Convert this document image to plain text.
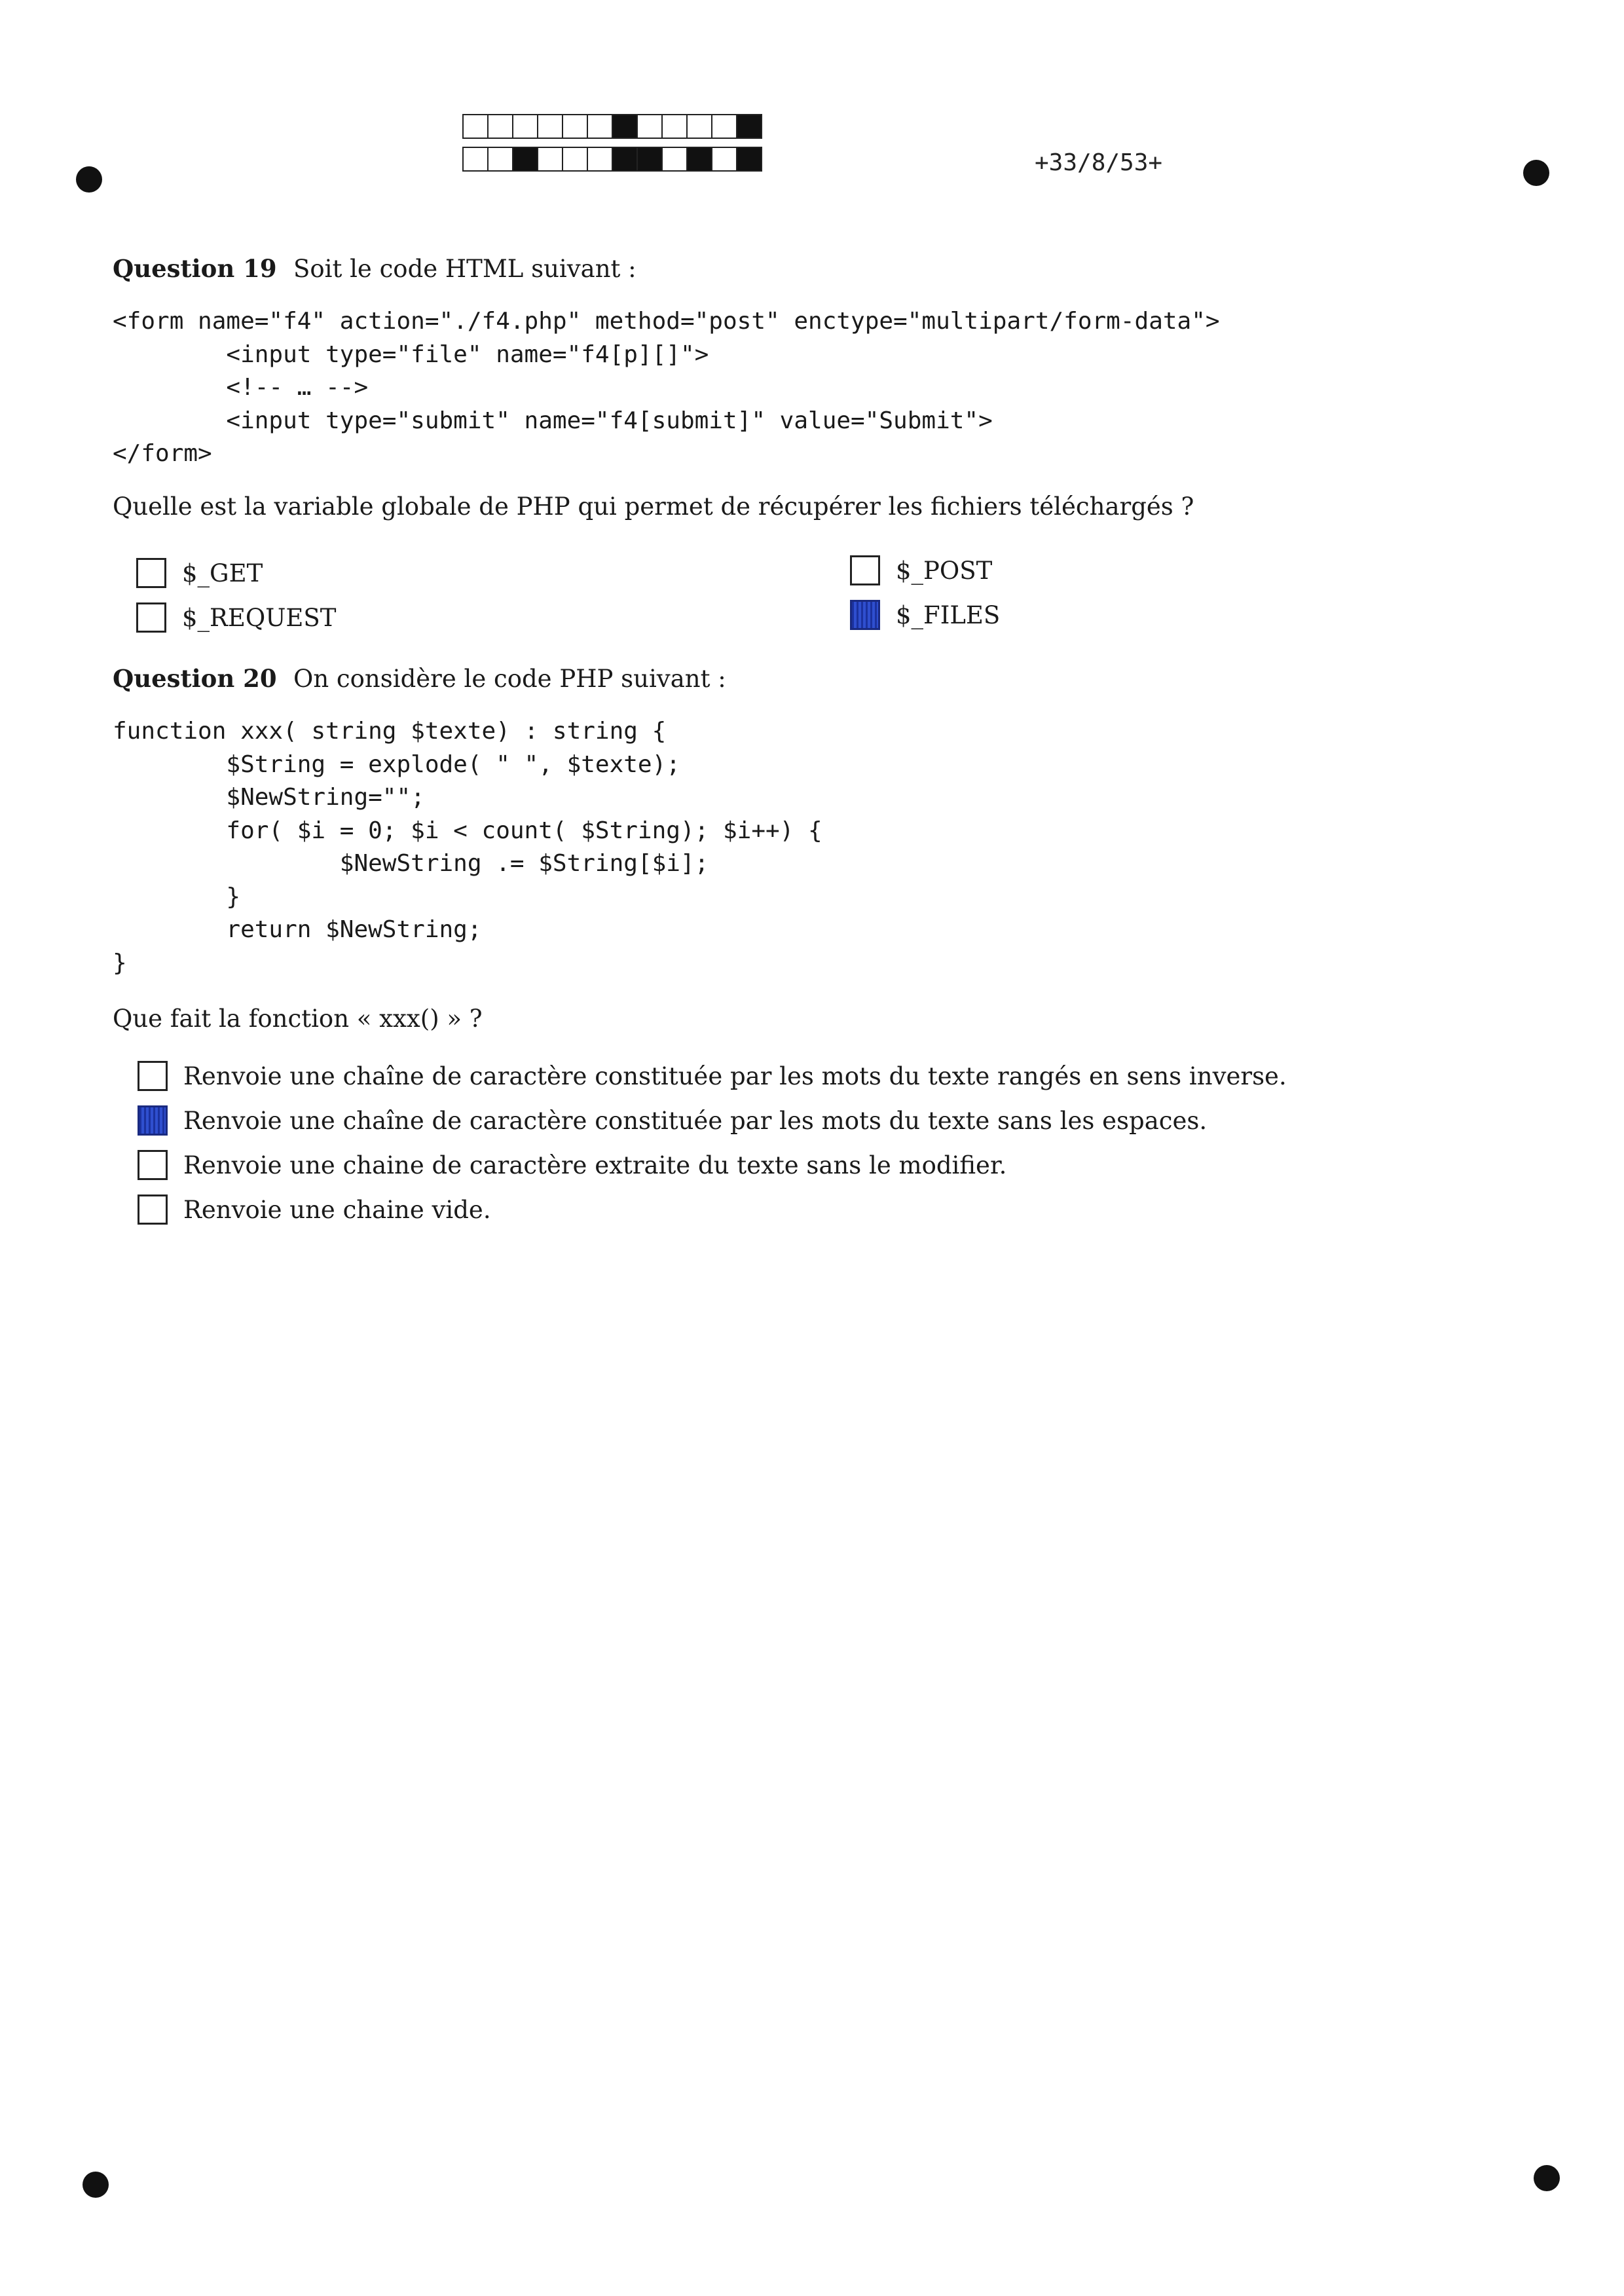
+33/8/53+
Question 19 Soit le code HTML suivant :
<form name="f4" action="./f4.php" method="post" enctype="multipart/form-data">
<input type="file" name="f4[p][]">
<!-- … -->
<input type="submit" name="f4[submit]" value="Submit">
</form>
Quelle est la variable globale de PHP qui permet de récupérer les fichiers téléchargés ?
$_GET	$_POST
$_REQUEST	$_FILES
Question 20 On considère le code PHP suivant :
function xxx( string $texte) : string {
$String = explode( " ", $texte);
$NewString="";
for( $i = 0; $i < count( $String); $i++) {
$NewString .= $String[$i];
}
return $NewString;
}
Que fait la fonction « xxx() » ?
Renvoie une chaîne de caractère constituée par les mots du texte rangés en sens inverse.
Renvoie une chaîne de caractère constituée par les mots du texte sans les espaces.
Renvoie une chaine de caractère extraite du texte sans le modifier.
Renvoie une chaine vide.
